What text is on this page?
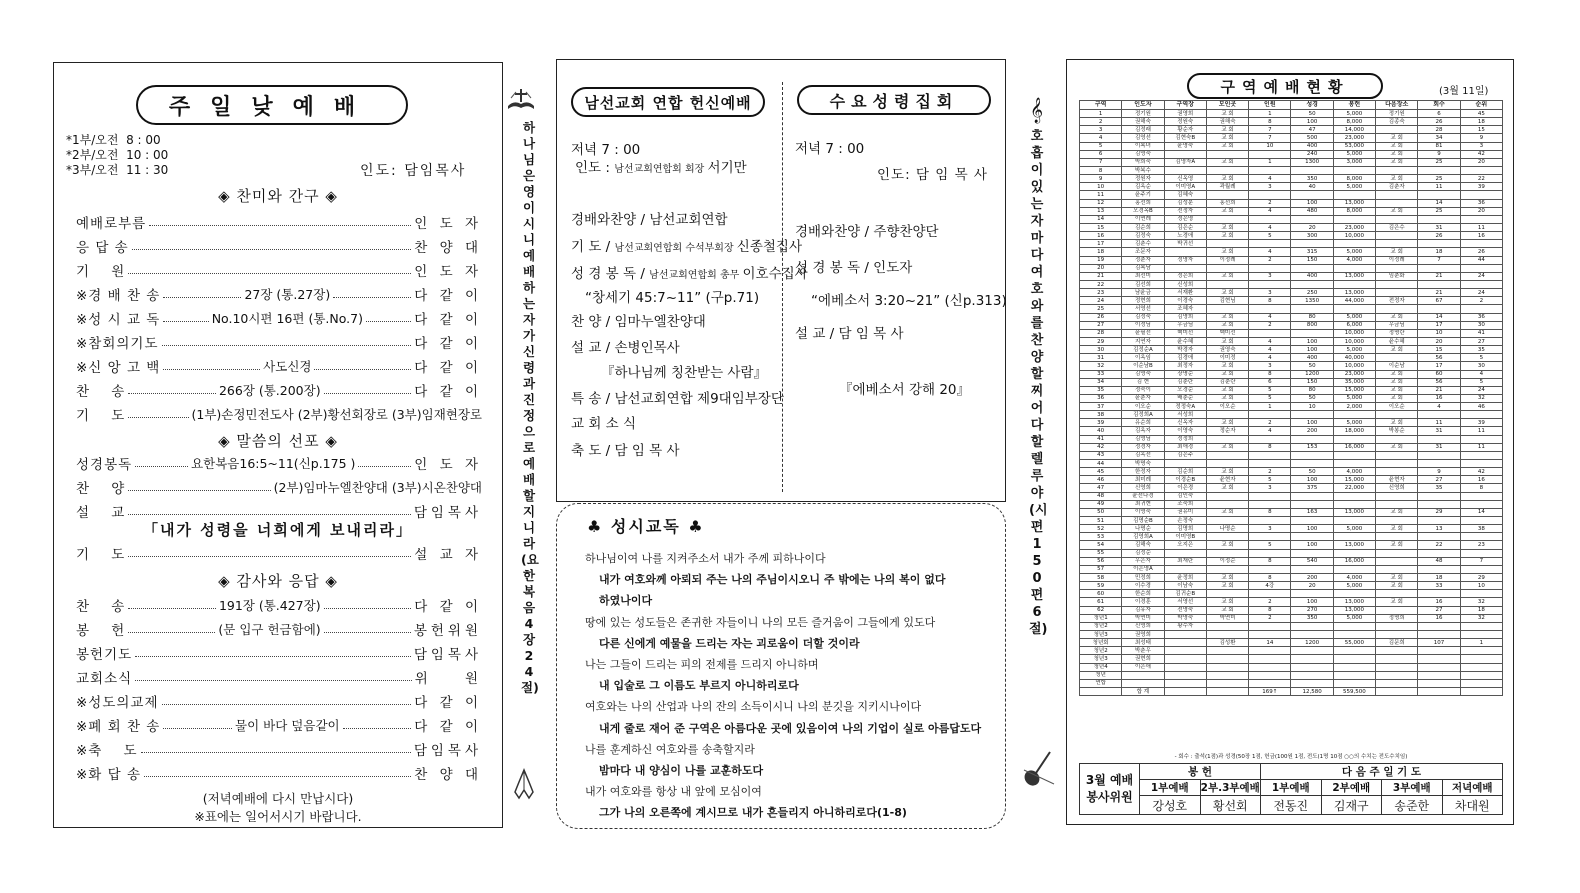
주일낮예배
*1부/오전  8 : 00
*2부/오전  10 : 00
*3부/오전  11 : 30	인도: 담임목사
◈ 찬미와 간구 ◈
예배로부름	인 도 자
응 답 송	찬 양 대
기    원	인 도 자
※경 배 찬 송	27장 (통.27장)	다 같 이
※성 시 교 독	No.10시편 16편 (통.No.7)	다 같 이
※참회의기도	다 같 이
※신 앙 고 백	사도신경	다 같 이
찬    송	266장 (통.200장)	다 같 이
기    도	(1부)손정민전도사 (2부)황선회장로 (3부)임재현장로
◈ 말씀의 선포 ◈
성경봉독	요한복음16:5~11(신p.175 )	인 도 자
찬    양	(2부)임마누엘찬양대 (3부)시온찬양대
설    교	담임목사
「내가 성령을 너희에게 보내리라」
기    도	설 교 자
◈ 감사와 응답 ◈
찬    송	191장 (통.427장)	다 같 이
봉    헌	(문 입구 헌금함에)	봉헌위원
봉헌기도	담임목사
교회소식	위    원
※성도의교제	다 같 이
※폐 회 찬 송	물이 바다 덮음같이	다 같 이
※축    도	담임목사
※화 답 송	찬 양 대
(저녁예배에 다시 만납시다)
※표에는 일어서시기 바랍니다.
하나님은 영이시니 예배하는 자가 신령과 진정으로 예배할지니라(요한복음 4장 24절)
남선교회 연합 헌신예배
저녁 7 : 00
인도 : 남선교회연합회 회장 서기만
경배와찬양 / 남선교회연합
기 도 / 남선교회연합회 수석부회장 신종철집사
성 경 봉 독 / 남선교회연합회 총무 이호수집사
“창세기 45:7~11” (구p.71)
찬 양 / 임마누엘찬양대
설 교 / 손병인목사
『하나님께 칭찬받는 사람』
특 송 / 남선교회연합 제9대임부장단
교 회 소 식
축 도 / 담 임 목 사
수요성령집회
저녁 7 : 00
인도: 담 임 목 사
경배와찬양 / 주향찬양단
성 경 봉 독 / 인도자
“에베소서 3:20~21” (신p.313)
설 교 / 담 임 목 사
『에베소서 강해 20』
♣ 성시교독 ♣
하나님이여 나를 지켜주소서 내가 주께 피하나이다
내가 여호와께 아뢰되 주는 나의 주님이시오니 주 밖에는 나의 복이 없다
하였나이다
땅에 있는 성도들은 존귀한 자들이니 나의 모든 즐거움이 그들에게 있도다
다른 신에게 예물을 드리는 자는 괴로움이 더할 것이라
나는 그들이 드리는 피의 전제를 드리지 아니하며
내 입술로 그 이름도 부르지 아니하리로다
여호와는 나의 산업과 나의 잔의 소득이시니 나의 분깃을 지키시나이다
내게 줄로 재어 준 구역은 아름다운 곳에 있음이여 나의 기업이 실로 아름답도다
나를 훈계하신 여호와를 송축할지라
밤마다 내 양심이 나를 교훈하도다
내가 여호와를 항상 내 앞에 모심이여
그가 나의 오른쪽에 계시므로 내가 흔들리지 아니하리로다(1-8)
𝄞
호흡이 있는 자마다 여호와를 찬양할찌어다 할렐루야(시편150편 6절)
구역예배현황	(3월 11일)
구역	인도자	구역장	모인곳	인원	성경	봉헌	다음장소	회수	순위
1	정기원	권영희	교 회	1	50	5,000	정기원	6	45
2	권해숙	정원숙	권해숙	8	100	8,000	김종숙	26	18
3	김정래	황순자	교 회	7	47	14,000		28	15
4	김영선	김현숙B	교 회	7	500	23,000	교 회	34	9
5	이복녀	윤영숙	교 회	10	400	53,000	교 회	81	3
6	김영숙				240	5,000	교 회	9	42
7	박희숙	김영자A	교 회	1	1300	3,000	교 회	25	20
8	박복수								
9	정원자	신옥영	교 회	4	350	8,000	교 회	25	22
10	김옥순	이미영A	곽월례	3	40	5,000	김춘자	11	39
11	윤주기	김혜숙							
12	홍선희	김성분	홍선희	2	100	13,000		14	36
13	오경옥B	전정자	교 회	4	480	8,000	교 회	25	20
14	이연례	정은영							
15	김순희	김은순	교 회	4	20	23,000	김은수	31	11
16	김정숙	노경애	교 회	5	300	10,000		26	16
17	김춘수	박귀선							
18	조문자		교 회	4	315	5,000	교 회	18	26
19	정춘자	정영자	이정례	2	150	4,000	이정례	7	44
20	김복남								
21	최선미	정은희	교 회	3	400	13,000	임춘화	21	24
22	김선희	신성희							
23	남윤금	서재환	교 회	3	250	13,000		21	24
24	정현희	이경숙	김현님	8	1350	44,000	전정자	67	2
25	서영선	조혜자							
26	김정숙	김영희	교 회	4	80	5,000	교 회	14	36
27	이정님	우금님	교 회	2	800	6,000	우금님	17	30
28	윤필선	백미선	백미선			10,000	정명란	10	41
29	지연자	윤수혜	교 회	4	100	10,000	윤수혜	20	27
30	김정순A	박경자	권영숙	4	100	5,000	교 회	15	35
31	이옥임	김경애	이미정	4	400	40,000		56	5
32	이순남B	최정자	교 회	3	50	10,000	이순남	17	30
33	김영숙	장명순	교 회	8	1200	23,000	교 회	60	4
34	김 현	김춘란	김춘란	6	150	35,000	교 회	56	5
35	정숙이	오경순	교 회	5	80	15,000	교 회	21	24
36	윤춘자	배춘순	교 회	5	50	5,000	교 회	16	32
37	이오순	정정숙A	이오순	1	10	2,000	이오순	4	46
38	김정희A	서성희							
39	유순희	신옥자	교 회	2	100	5,000	교 회	11	39
40	김옥자	이영숙	정순자	4	200	18,000	박봉순	31	11
41	김영님	정정희							
42	정경자	최애경	교 회	8	153	16,000	교 회	31	11
43	김옥선	김은주							
44	박명숙								
45	한정자	김순희	교 회	2	50	4,000		9	42
46	최미례	이경순B	윤현자	5	100	15,000	윤현자	27	16
47	신영희	이은경	교 회	3	375	22,000	신영희	35	8
48	윤선나경	김인숙							
49	최귀현	조숙희							
50	이영숙	권유미	교 회	8	163	13,000	교 회	29	14
51	김명순B	손정숙							
52	나명순	김명희	나명순	3	100	5,000	교 회	13	38
53	김영희A	이미영B							
54	김해숙	오지은	교 회	5	100	13,000	교 회	22	23
55	김정순								
56	우은자	최재란	이정순	8	540	16,000		48	7
57	이은영A								
58	민정희	윤정희	교 회	8	200	4,000	교 회	18	29
59	이수경	이남숙	교 회	4강	20	5,000	교 회	33	10
60	한순희	김귀순B							
61	이경훈	서영선	교 회	2	100	13,000	교 회	16	32
62	김유자	전영숙	교 회	8	270	13,000		27	18
청년1	박연미	박영숙	박연미	2	350	5,000	정명희	16	32
청년2	신영희	황수자							
청년3	권영희								
청년회	최성태		김성환	14	1200	55,000	김문희	107	1
청년2	박춘우								
청년3	권현희								
청년4	이은애								
청년									
연합									
	합 계			169↑	12,580	559,500			
- 회수 : 출석(1점)과 성경(50장 1점, 헌금(100원 1점, 전도(1명 10점 ○○의 수치는 전도수치임)
3월 예배
봉사위원	봉 헌		다 음 주 일 기 도			
	1부예배	2부.3부예배	1부예배	2부예배	3부예배	저녁예배
	강성호	황선회	전동진	김재구	송준한	차대원
